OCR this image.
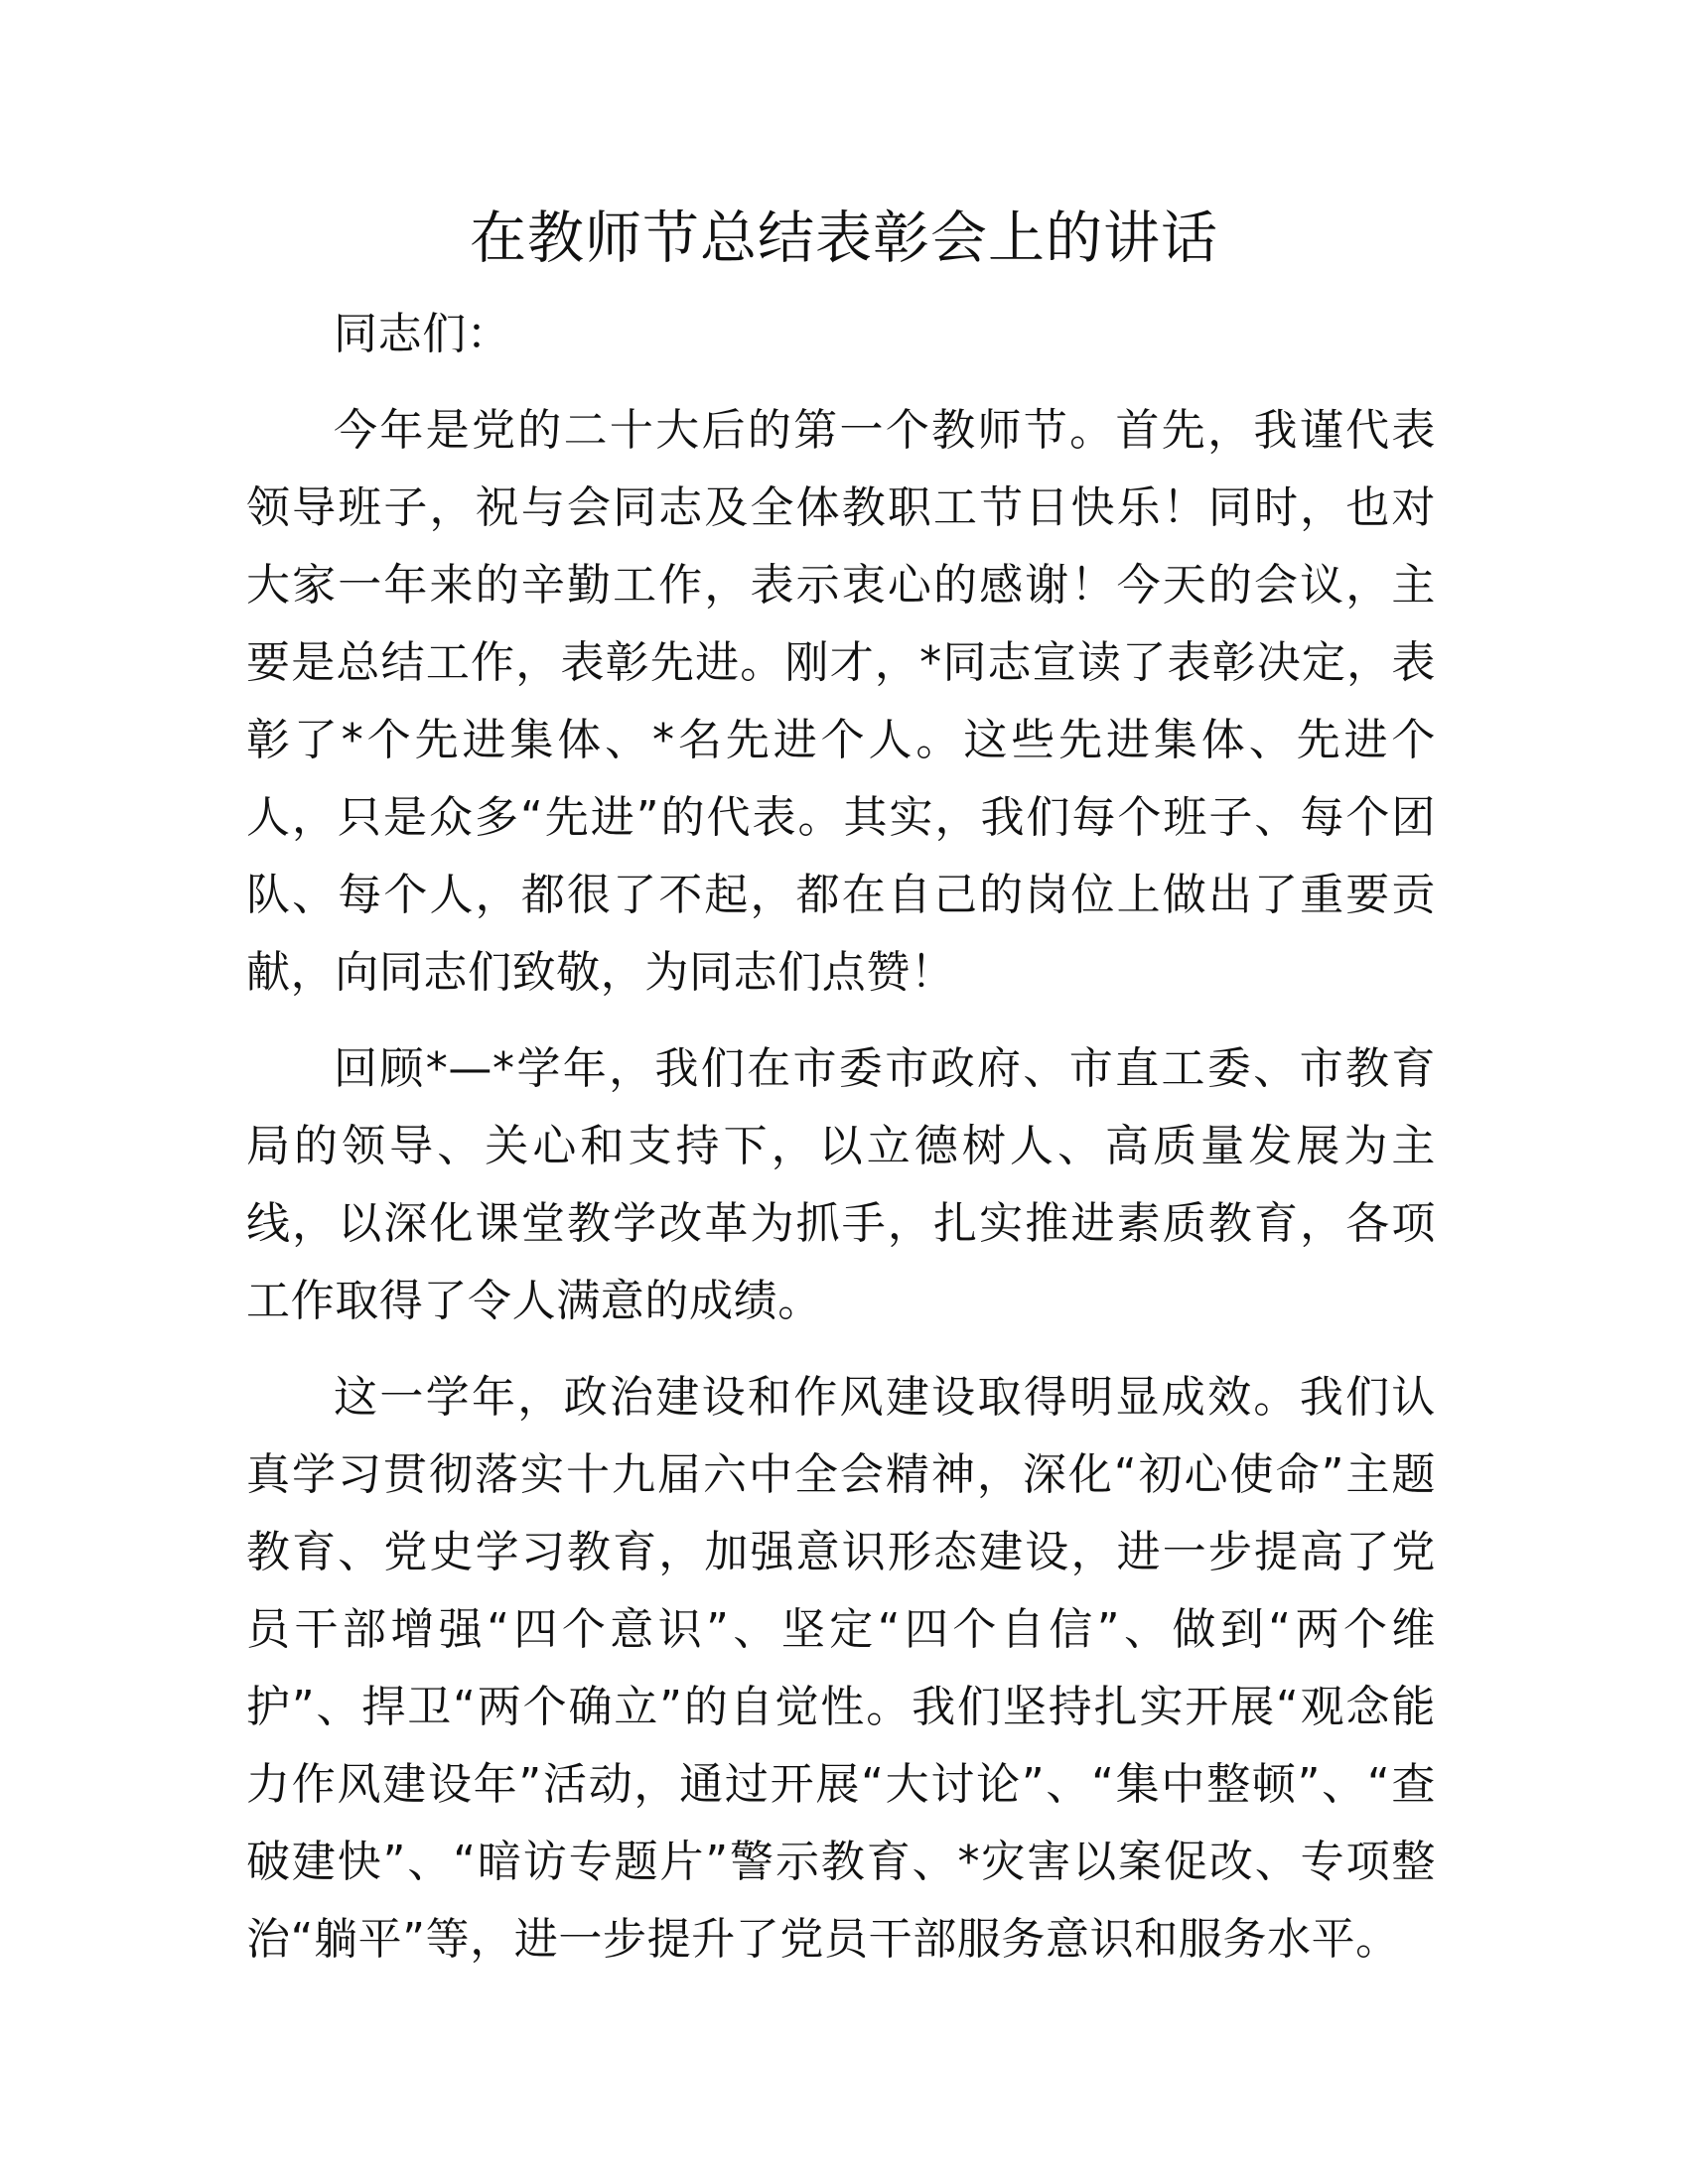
在教师节总结表彰会上的讲话

同志们：

今年是党的二十大后的第一个教师节。首先，我谨代表领导班子，祝与会同志及全体教职工节日快乐！同时，也对大家一年来的辛勤工作，表示衷心的感谢！今天的会议，主要是总结工作，表彰先进。刚才，*同志宣读了表彰决定，表彰了*个先进集体、*名先进个人。这些先进集体、先进个人，只是众多“先进”的代表。其实，我们每个班子、每个团队、每个人，都很了不起，都在自己的岗位上做出了重要贡献，向同志们致敬，为同志们点赞！

回顾*—*学年，我们在市委市政府、市直工委、市教育局的领导、关心和支持下，以立德树人、高质量发展为主线，以深化课堂教学改革为抓手，扎实推进素质教育，各项工作取得了令人满意的成绩。

这一学年，政治建设和作风建设取得明显成效。我们认真学习贯彻落实十九届六中全会精神，深化“初心使命”主题教育、党史学习教育，加强意识形态建设，进一步提高了党员干部增强“四个意识”、坚定“四个自信”、做到“两个维护”、捍卫“两个确立”的自觉性。我们坚持扎实开展“观念能力作风建设年”活动，通过开展“大讨论”、“集中整顿”、“查破建快”、“暗访专题片”警示教育、*灾害以案促改、专项整治“躺平”等，进一步提升了党员干部服务意识和服务水平。
